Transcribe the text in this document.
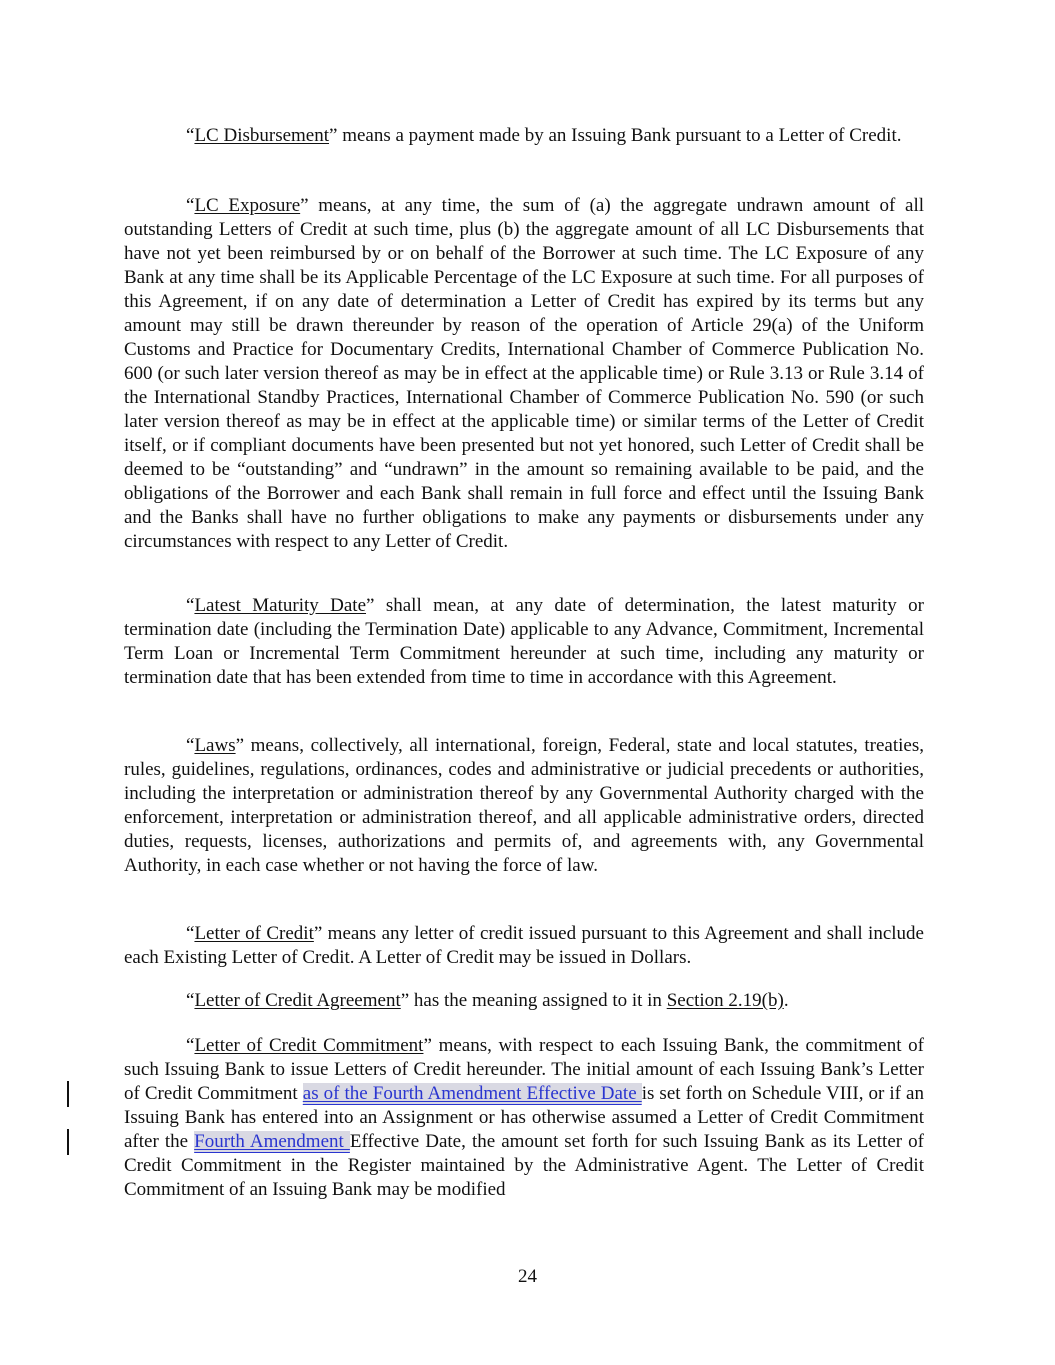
“LC Disbursement” means a payment made by an Issuing Bank pursuant to a Letter of Credit.

“LC Exposure” means, at any time, the sum of (a) the aggregate undrawn amount of all outstanding Letters of Credit at such time, plus (b) the aggregate amount of all LC Disbursements that have not yet been reimbursed by or on behalf of the Borrower at such time. The LC Exposure of any Bank at any time shall be its Applicable Percentage of the LC Exposure at such time. For all purposes of this Agreement, if on any date of determination a Letter of Credit has expired by its terms but any amount may still be drawn thereunder by reason of the operation of Article 29(a) of the Uniform Customs and Practice for Documentary Credits, International Chamber of Commerce Publication No. 600 (or such later version thereof as may be in effect at the applicable time) or Rule 3.13 or Rule 3.14 of the International Standby Practices, International Chamber of Commerce Publication No. 590 (or such later version thereof as may be in effect at the applicable time) or similar terms of the Letter of Credit itself, or if compliant documents have been presented but not yet honored, such Letter of Credit shall be deemed to be “outstanding” and “undrawn” in the amount so remaining available to be paid, and the obligations of the Borrower and each Bank shall remain in full force and effect until the Issuing Bank and the Banks shall have no further obligations to make any payments or disbursements under any circumstances with respect to any Letter of Credit.

“Latest Maturity Date” shall mean, at any date of determination, the latest maturity or termination date (including the Termination Date) applicable to any Advance, Commitment, Incremental Term Loan or Incremental Term Commitment hereunder at such time, including any maturity or termination date that has been extended from time to time in accordance with this Agreement.

“Laws” means, collectively, all international, foreign, Federal, state and local statutes, treaties, rules, guidelines, regulations, ordinances, codes and administrative or judicial precedents or authorities, including the interpretation or administration thereof by any Governmental Authority charged with the enforcement, interpretation or administration thereof, and all applicable administrative orders, directed duties, requests, licenses, authorizations and permits of, and agreements with, any Governmental Authority, in each case whether or not having the force of law.

“Letter of Credit” means any letter of credit issued pursuant to this Agreement and shall include each Existing Letter of Credit. A Letter of Credit may be issued in Dollars.

“Letter of Credit Agreement” has the meaning assigned to it in Section 2.19(b).

“Letter of Credit Commitment” means, with respect to each Issuing Bank, the commitment of such Issuing Bank to issue Letters of Credit hereunder. The initial amount of each Issuing Bank’s Letter of Credit Commitment as of the Fourth Amendment Effective Date is set forth on Schedule VIII, or if an Issuing Bank has entered into an Assignment or has otherwise assumed a Letter of Credit Commitment after the Fourth Amendment Effective Date, the amount set forth for such Issuing Bank as its Letter of Credit Commitment in the Register maintained by the Administrative Agent. The Letter of Credit Commitment of an Issuing Bank may be modified

24
